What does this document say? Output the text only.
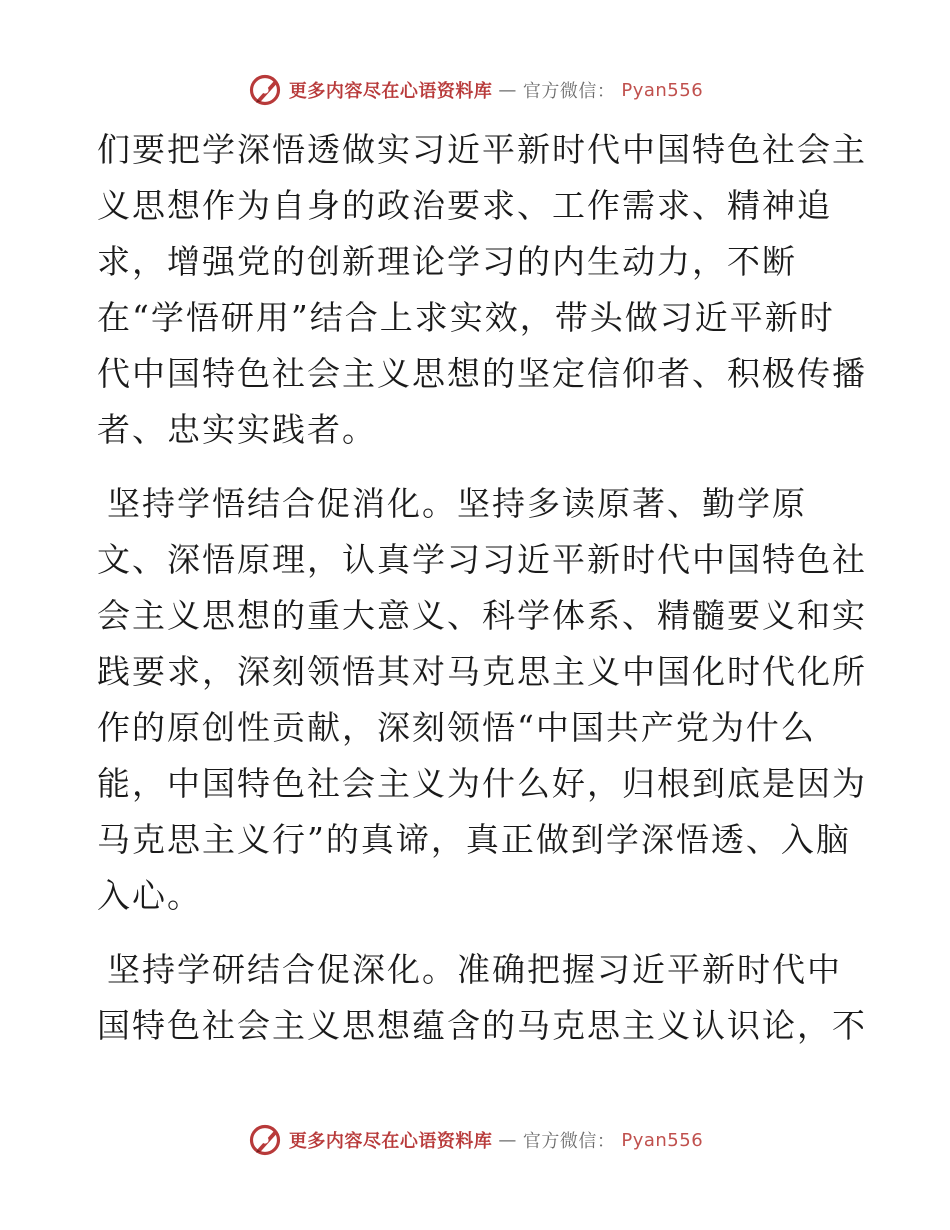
更多内容尽在心语资料库 — 官方微信： Pyan556
们要把学深悟透做实习近平新时代中国特色社会主
义思想作为自身的政治要求、工作需求、精神追
求，增强党的创新理论学习的内生动力，不断
在“学悟研用”结合上求实效，带头做习近平新时
代中国特色社会主义思想的坚定信仰者、积极传播
者、忠实实践者。
坚持学悟结合促消化。坚持多读原著、勤学原
文、深悟原理，认真学习习近平新时代中国特色社
会主义思想的重大意义、科学体系、精髓要义和实
践要求，深刻领悟其对马克思主义中国化时代化所
作的原创性贡献，深刻领悟“中国共产党为什么
能，中国特色社会主义为什么好，归根到底是因为
马克思主义行”的真谛，真正做到学深悟透、入脑
入心。
坚持学研结合促深化。准确把握习近平新时代中
国特色社会主义思想蕴含的马克思主义认识论，不
更多内容尽在心语资料库 — 官方微信： Pyan556
